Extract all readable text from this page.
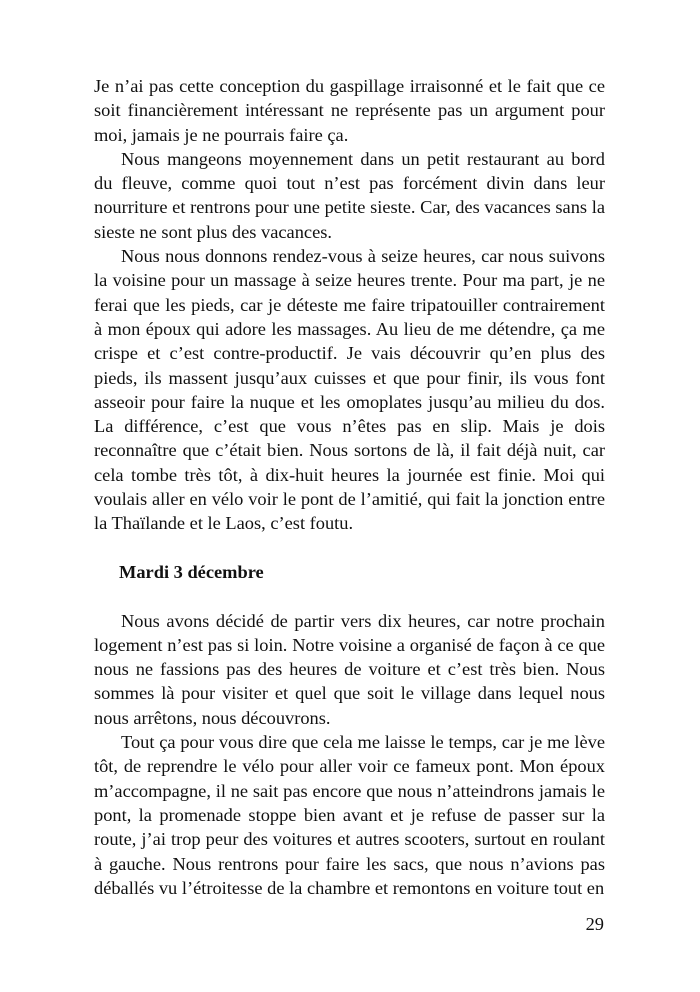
Je n’ai pas cette conception du gaspillage irraisonné et le fait que ce soit financièrement intéressant ne représente pas un argument pour moi, jamais je ne pourrais faire ça.

Nous mangeons moyennement dans un petit restaurant au bord du fleuve, comme quoi tout n’est pas forcément divin dans leur nourriture et rentrons pour une petite sieste. Car, des vacances sans la sieste ne sont plus des vacances.

Nous nous donnons rendez-vous à seize heures, car nous suivons la voisine pour un massage à seize heures trente. Pour ma part, je ne ferai que les pieds, car je déteste me faire tripatouiller contrairement à mon époux qui adore les massages. Au lieu de me détendre, ça me crispe et c’est contre-productif. Je vais découvrir qu’en plus des pieds, ils massent jusqu’aux cuisses et que pour finir, ils vous font asseoir pour faire la nuque et les omoplates jusqu’au milieu du dos. La différence, c’est que vous n’êtes pas en slip. Mais je dois reconnaître que c’était bien. Nous sortons de là, il fait déjà nuit, car cela tombe très tôt, à dix-huit heures la journée est finie. Moi qui voulais aller en vélo voir le pont de l’amitié, qui fait la jonction entre la Thaïlande et le Laos, c’est foutu.

Mardi 3 décembre

Nous avons décidé de partir vers dix heures, car notre prochain logement n’est pas si loin. Notre voisine a organisé de façon à ce que nous ne fassions pas des heures de voiture et c’est très bien. Nous sommes là pour visiter et quel que soit le village dans lequel nous nous arrêtons, nous découvrons.

Tout ça pour vous dire que cela me laisse le temps, car je me lève tôt, de reprendre le vélo pour aller voir ce fameux pont. Mon époux m’accompagne, il ne sait pas encore que nous n’atteindrons jamais le pont, la promenade stoppe bien avant et je refuse de passer sur la route, j’ai trop peur des voitures et autres scooters, surtout en roulant à gauche. Nous rentrons pour faire les sacs, que nous n’avions pas déballés vu l’étroitesse de la chambre et remontons en voiture tout en

29
